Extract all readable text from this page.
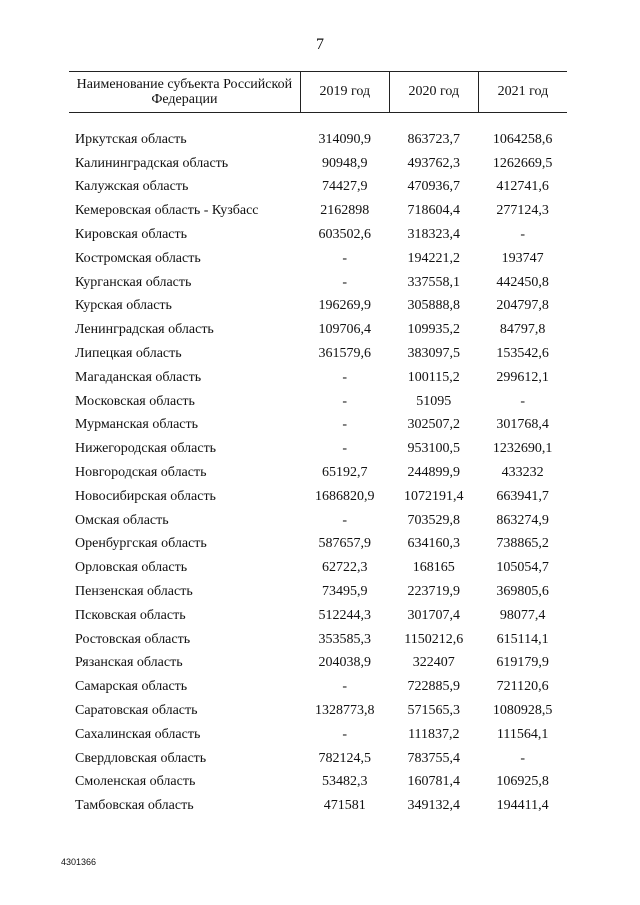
7
Наименование субъекта Российской Федерации	2019 год	2020 год	2021 год

Иркутская область	314090,9	863723,7	1064258,6
Калининградская область	90948,9	493762,3	1262669,5
Калужская область	74427,9	470936,7	412741,6
Кемеровская область - Кузбасс	2162898	718604,4	277124,3
Кировская область	603502,6	318323,4	-
Костромская область	-	194221,2	193747
Курганская область	-	337558,1	442450,8
Курская область	196269,9	305888,8	204797,8
Ленинградская область	109706,4	109935,2	84797,8
Липецкая область	361579,6	383097,5	153542,6
Магаданская область	-	100115,2	299612,1
Московская область	-	51095	-
Мурманская область	-	302507,2	301768,4
Нижегородская область	-	953100,5	1232690,1
Новгородская область	65192,7	244899,9	433232
Новосибирская область	1686820,9	1072191,4	663941,7
Омская область	-	703529,8	863274,9
Оренбургская область	587657,9	634160,3	738865,2
Орловская область	62722,3	168165	105054,7
Пензенская область	73495,9	223719,9	369805,6
Псковская область	512244,3	301707,4	98077,4
Ростовская область	353585,3	1150212,6	615114,1
Рязанская область	204038,9	322407	619179,9
Самарская область	-	722885,9	721120,6
Саратовская область	1328773,8	571565,3	1080928,5
Сахалинская область	-	111837,2	111564,1
Свердловская область	782124,5	783755,4	-
Смоленская область	53482,3	160781,4	106925,8
Тамбовская область	471581	349132,4	194411,4
4301366
